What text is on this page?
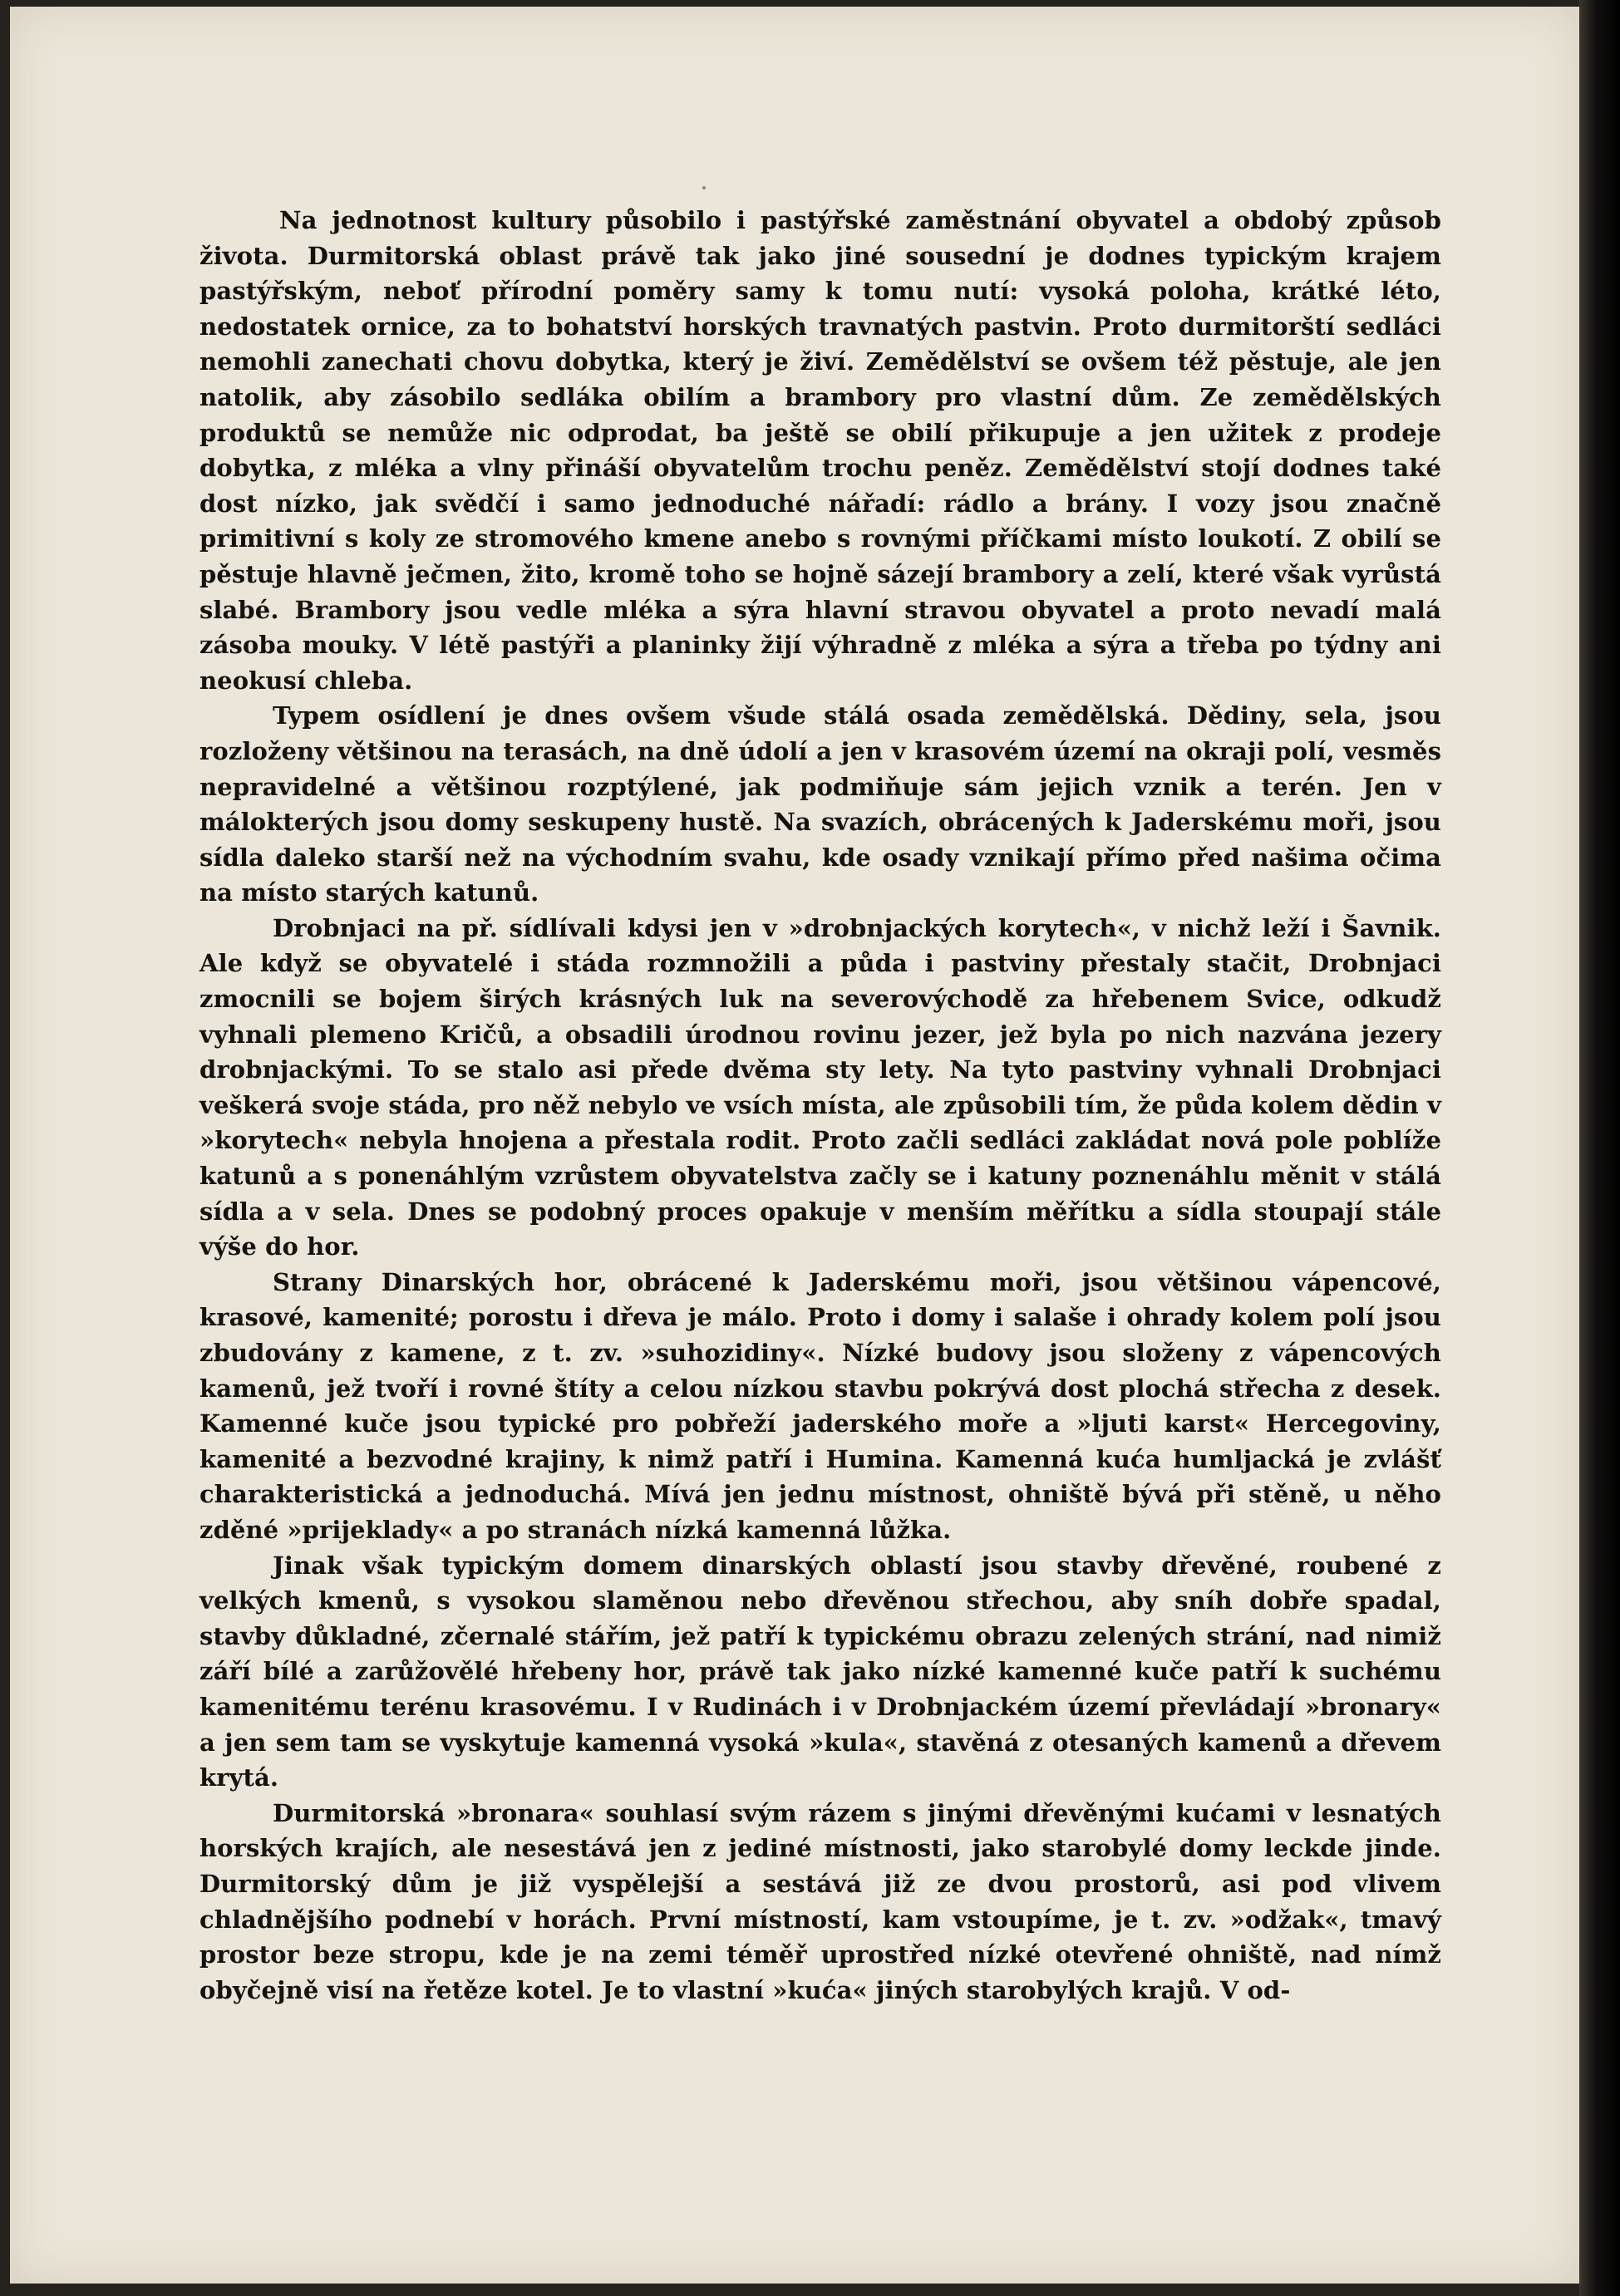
Na jednotnost kultury působilo i pastýřské zaměstnání obyvatel a obdobý způsob života. Durmitorská oblast právě tak jako jiné sousední je dodnes typickým krajem pastýřským, neboť přírodní poměry samy k tomu nutí: vysoká poloha, krátké léto, nedostatek ornice, za to bohatství horských travnatých pastvin. Proto durmitorští sedláci nemohli zanechati chovu dobytka, který je živí. Zemědělství se ovšem též pěstuje, ale jen natolik, aby zásobilo sedláka obilím a brambory pro vlastní dům. Ze zemědělských produktů se nemůže nic odprodat, ba ještě se obilí přikupuje a jen užitek z prodeje dobytka, z mléka a vlny přináší obyvatelům trochu peněz. Zemědělství stojí dodnes také dost nízko, jak svědčí i samo jednoduché nářadí: rádlo a brány. I vozy jsou značně primitivní s koly ze stromového kmene anebo s rovnými příčkami místo loukotí. Z obilí se pěstuje hlavně ječmen, žito, kromě toho se hojně sázejí brambory a zelí, které však vyrůstá slabé. Brambory jsou vedle mléka a sýra hlavní stravou obyvatel a proto nevadí malá zásoba mouky. V létě pastýři a planinky žijí výhradně z mléka a sýra a třeba po týdny ani neokusí chleba.

Typem osídlení je dnes ovšem všude stálá osada zemědělská. Dědiny, sela, jsou rozloženy většinou na terasách, na dně údolí a jen v krasovém území na okraji polí, vesměs nepravidelné a většinou rozptýlené, jak podmiňuje sám jejich vznik a terén. Jen v málokterých jsou domy seskupeny hustě. Na svazích, obrácených k Jaderskému moři, jsou sídla daleko starší než na východním svahu, kde osady vznikají přímo před našima očima na místo starých katunů.

Drobnjaci na př. sídlívali kdysi jen v »drobnjackých korytech«, v nichž leží i Šavnik. Ale když se obyvatelé i stáda rozmnožili a půda i pastviny přestaly stačit, Drobnjaci zmocnili se bojem širých krásných luk na severovýchodě za hřebenem Svice, odkudž vyhnali plemeno Kričů, a obsadili úrodnou rovinu jezer, jež byla po nich nazvána jezery drobnjackými. To se stalo asi přede dvěma sty lety. Na tyto pastviny vyhnali Drobnjaci veškerá svoje stáda, pro něž nebylo ve vsích místa, ale způsobili tím, že půda kolem dědin v »korytech« nebyla hnojena a přestala rodit. Proto začli sedláci zakládat nová pole poblíže katunů a s ponenáhlým vzrůstem obyvatelstva začly se i katuny poznenáhlu měnit v stálá sídla a v sela. Dnes se podobný proces opakuje v menším měřítku a sídla stoupají stále výše do hor.

Strany Dinarských hor, obrácené k Jaderskému moři, jsou většinou vápencové, krasové, kamenité; porostu i dřeva je málo. Proto i domy i salaše i ohrady kolem polí jsou zbudovány z kamene, z t. zv. »suhozidiny«. Nízké budovy jsou složeny z vápencových kamenů, jež tvoří i rovné štíty a celou nízkou stavbu pokrývá dost plochá střecha z desek. Kamenné kuče jsou typické pro pobřeží jaderského moře a »ljuti karst« Hercegoviny, kamenité a bezvodné krajiny, k nimž patří i Humina. Kamenná kuća humljacká je zvlášť charakteristická a jednoduchá. Mívá jen jednu místnost, ohniště bývá při stěně, u něho zděné »prijeklady« a po stranách nízká kamenná lůžka.

Jinak však typickým domem dinarských oblastí jsou stavby dřevěné, roubené z velkých kmenů, s vysokou slaměnou nebo dřevěnou střechou, aby sníh dobře spadal, stavby důkladné, zčernalé stářím, jež patří k typickému obrazu zelených strání, nad nimiž září bílé a zarůžovělé hřebeny hor, právě tak jako nízké kamenné kuče patří k suchému kamenitému terénu krasovému. I v Rudinách i v Drobnjackém území převládají »bronary« a jen sem tam se vyskytuje kamenná vysoká »kula«, stavěná z otesaných kamenů a dřevem krytá.

Durmitorská »bronara« souhlasí svým rázem s jinými dřevěnými kućami v lesnatých horských krajích, ale nesestává jen z jediné místnosti, jako starobylé domy leckde jinde. Durmitorský dům je již vyspělejší a sestává již ze dvou prostorů, asi pod vlivem chladnějšího podnebí v horách. První místností, kam vstoupíme, je t. zv. »odžak«, tmavý prostor beze stropu, kde je na zemi téměř uprostřed nízké otevřené ohniště, nad nímž obyčejně visí na řetěze kotel. Je to vlastní »kuća« jiných starobylých krajů. V od-
